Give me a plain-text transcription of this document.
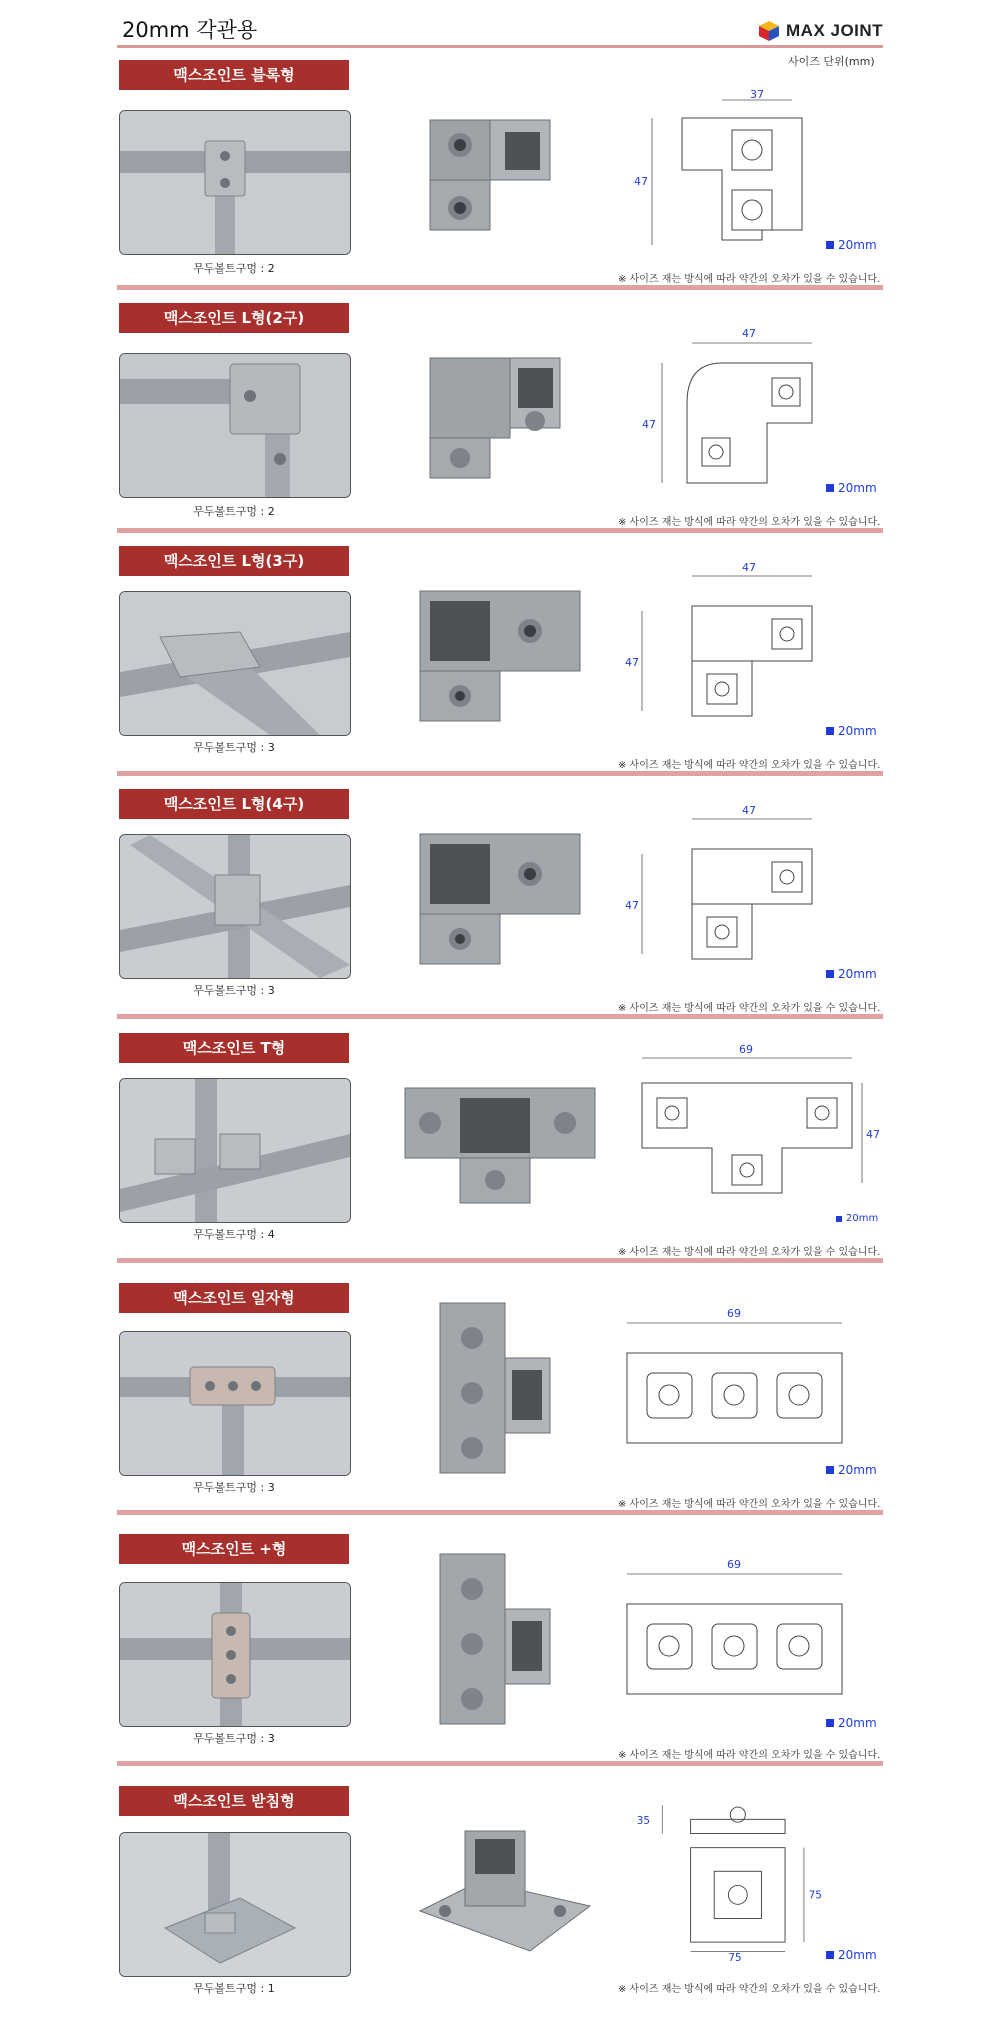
20mm 각관용	MAX JOINT
사이즈 단위(mm)
맥스조인트 블록형
무두볼트구멍 : 2
37
47
20mm
※ 사이즈 재는 방식에 따라 약간의 오차가 있을 수 있습니다.
맥스조인트 L형(2구)
무두볼트구멍 : 2
47
47
20mm
※ 사이즈 재는 방식에 따라 약간의 오차가 있을 수 있습니다.
맥스조인트 L형(3구)
무두볼트구멍 : 3
47
47
20mm
※ 사이즈 재는 방식에 따라 약간의 오차가 있을 수 있습니다.
맥스조인트 L형(4구)
무두볼트구멍 : 3
47
47
20mm
※ 사이즈 재는 방식에 따라 약간의 오차가 있을 수 있습니다.
맥스조인트 T형
무두볼트구멍 : 4
69
47
20mm
※ 사이즈 재는 방식에 따라 약간의 오차가 있을 수 있습니다.
맥스조인트 일자형
무두볼트구멍 : 3
69
20mm
※ 사이즈 재는 방식에 따라 약간의 오차가 있을 수 있습니다.
맥스조인트 +형
무두볼트구멍 : 3
69
20mm
※ 사이즈 재는 방식에 따라 약간의 오차가 있을 수 있습니다.
맥스조인트 받침형
무두볼트구멍 : 1
35
75
75	20mm
※ 사이즈 재는 방식에 따라 약간의 오차가 있을 수 있습니다.
